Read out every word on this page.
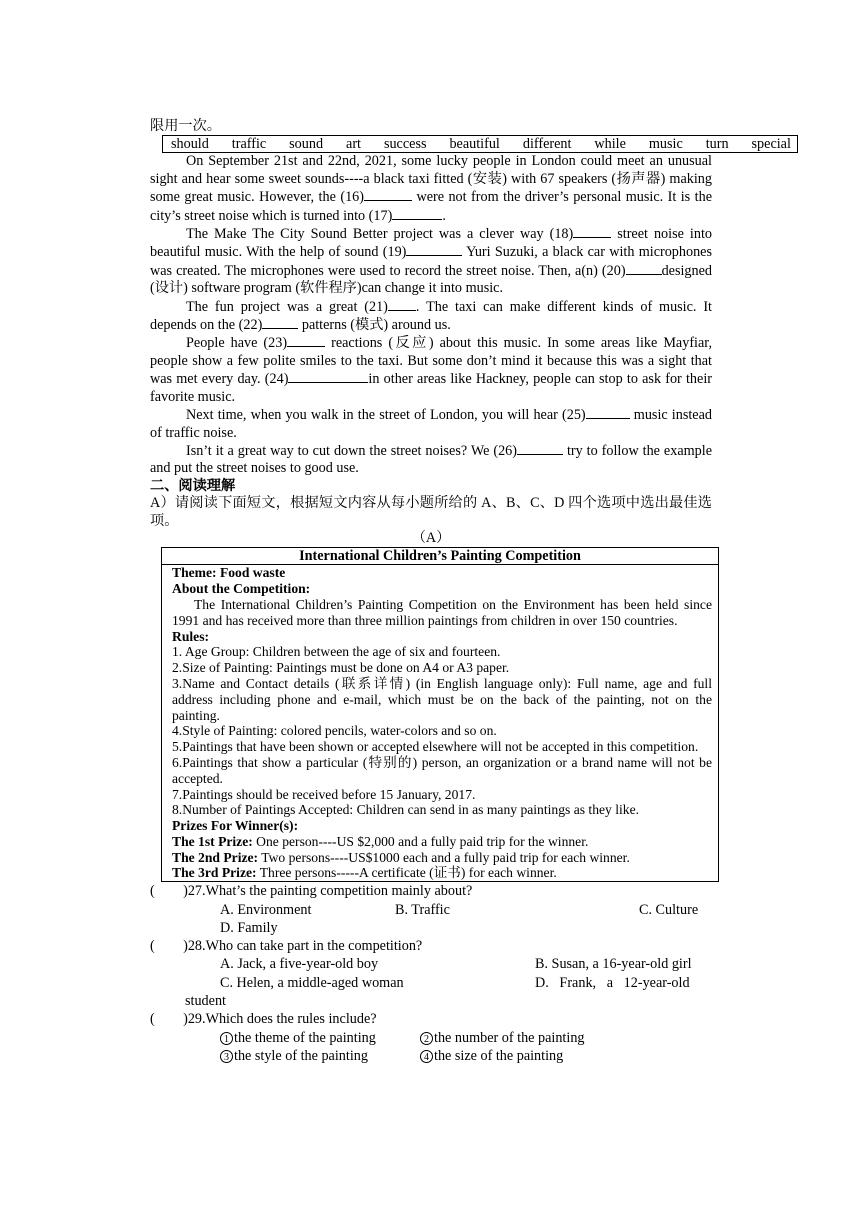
限用一次。

should traffic sound art success beautiful different while music turn special

On September 21st and 22nd, 2021, some lucky people in London could meet an unusual sight and hear some sweet sounds----a black taxi fitted (安装) with 67 speakers (扬声器) making some great music. However, the (16)	were not from the driver’s personal music. It is the city’s street noise which is turned into (17)	.

The Make The City Sound Better project was a clever way (18)	street noise into beautiful music. With the help of sound (19)	Yuri Suzuki, a black car with microphones was created. The microphones were used to record the street noise. Then, a(n) (20)	designed (设计) software program (软件程序)can change it into music.

The fun project was a great (21) . The taxi can make different kinds of music. It depends on the (22)	patterns (模式) around us.

People have (23)	reactions (反应) about this music. In some areas like Mayfiar, people show a few polite smiles to the taxi. But some don’t mind it because this was a sight that was met every day. (24)	in other areas like Hackney, people can stop to ask for their favorite music.

Next time, when you walk in the street of London, you will hear (25)	music instead of traffic noise.

Isn’t it a great way to cut down the street noises? We (26)	try to follow the example and put the street noises to good use.

二、阅读理解

A）请阅读下面短文，根据短文内容从每小题所给的 A、B、C、D 四个选项中选出最佳选项。

（A）

International Children’s Painting Competition

Theme: Food waste

About the Competition:

The International Children’s Painting Competition on the Environment has been held since 1991 and has received more than three million paintings from children in over 150 countries.

Rules:

1. Age Group: Children between the age of six and fourteen.

2.Size of Painting: Paintings must be done on A4 or A3 paper.

3.Name and Contact details (联系详情) (in English language only): Full name, age and full address including phone and e-mail, which must be on the back of the painting, not on the painting.

4.Style of Painting: colored pencils, water-colors and so on.

5.Paintings that have been shown or accepted elsewhere will not be accepted in this competition.

6.Paintings that show a particular (特别的) person, an organization or a brand name will not be accepted.

7.Paintings should be received before 15 January, 2017.

8.Number of Paintings Accepted: Children can send in as many paintings as they like.

Prizes For Winner(s):

The 1st Prize: One person----US $2,000 and a fully paid trip for the winner.

The 2nd Prize: Two persons----US$1000 each and a fully paid trip for each winner.

The 3rd Prize: Three persons-----A certificate (证书) for each winner.

(        )27.What’s the painting competition mainly about?

A. Environment	B. Traffic	C. Culture
D. Family

(        )28.Who can take part in the competition?

A. Jack, a five-year-old boy	B. Susan, a 16-year-old girl
C. Helen, a middle-aged woman	D.   Frank,   a   12-year-old

student

(        )29.Which does the rules include?

1 the theme of the painting	2 the number of the painting
3 the style of the painting	4 the size of the painting
